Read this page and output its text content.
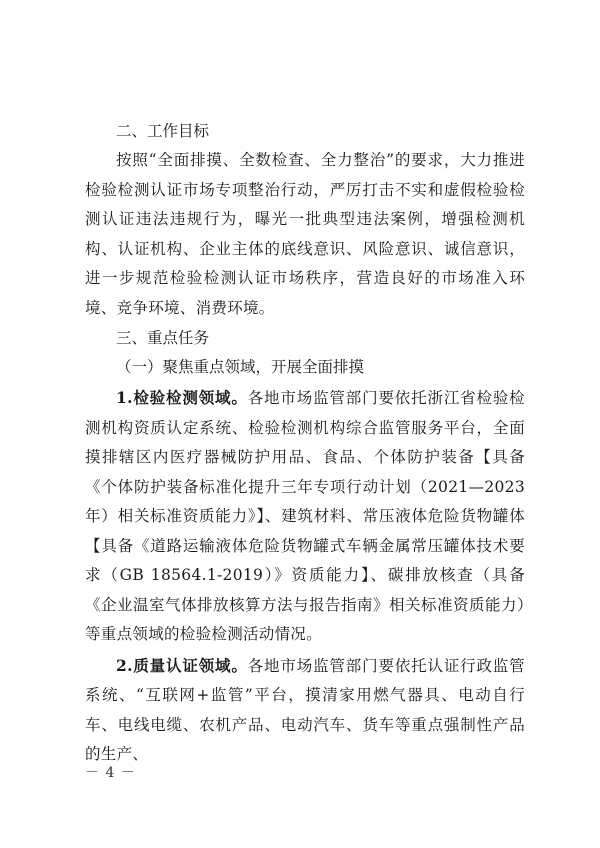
二、工作目标

按照“全面排摸、全数检查、全力整治”的要求，大力推进检验检测认证市场专项整治行动，严厉打击不实和虚假检验检测认证违法违规行为，曝光一批典型违法案例，增强检测机构、认证机构、企业主体的底线意识、风险意识、诚信意识，进一步规范检验检测认证市场秩序，营造良好的市场准入环境、竞争环境、消费环境。

三、重点任务
（一）聚焦重点领域，开展全面排摸

1.检验检测领域。各地市场监管部门要依托浙江省检验检测机构资质认定系统、检验检测机构综合监管服务平台，全面摸排辖区内医疗器械防护用品、食品、个体防护装备【具备《个体防护装备标准化提升三年专项行动计划（2021—2023年）相关标准资质能力》】、建筑材料、常压液体危险货物罐体【具备《道路运输液体危险货物罐式车辆金属常压罐体技术要求（GB 18564.1-2019）》资质能力】、碳排放核查（具备《企业温室气体排放核算方法与报告指南》相关标准资质能力）等重点领域的检验检测活动情况。

2.质量认证领域。各地市场监管部门要依托认证行政监管系统、“互联网+监管”平台，摸清家用燃气器具、电动自行车、电线电缆、农机产品、电动汽车、货车等重点强制性产品的生产、

－ 4 －
